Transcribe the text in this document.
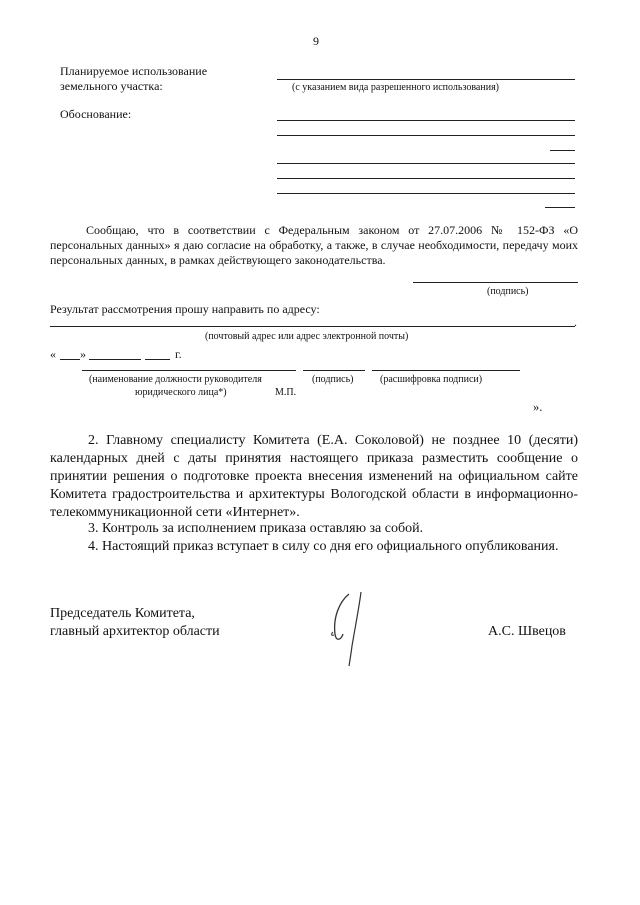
9
Планируемое использование
земельного участка:	(с указанием вида разрешенного использования)
Обоснование:

Сообщаю, что в соответствии с Федеральным законом от 27.07.2006 № 152-ФЗ «О персональных данных» я даю согласие на обработку, а также, в случае необходимости, передачу моих персональных данных, в рамках действующего законодательства.

(подпись)
Результат рассмотрения прошу направить по адресу:
.
(почтовый адрес или адрес электронной почты)
« »	г.
(наименование должности руководителя
юридического лица*)	М.П.
(подпись)	(расшифровка подписи)
».

2. Главному специалисту Комитета (Е.А. Соколовой) не позднее 10 (десяти) календарных дней с даты принятия настоящего приказа разместить сообщение о принятии решения о подготовке проекта внесения изменений на официальном сайте Комитета градостроительства и архитектуры Вологодской области в информационно-телекоммуникационной сети «Интернет».

3. Контроль за исполнением приказа оставляю за собой.

4. Настоящий приказ вступает в силу со дня его официального опубликования.

Председатель Комитета,
главный архитектор области	А.С. Швецов
